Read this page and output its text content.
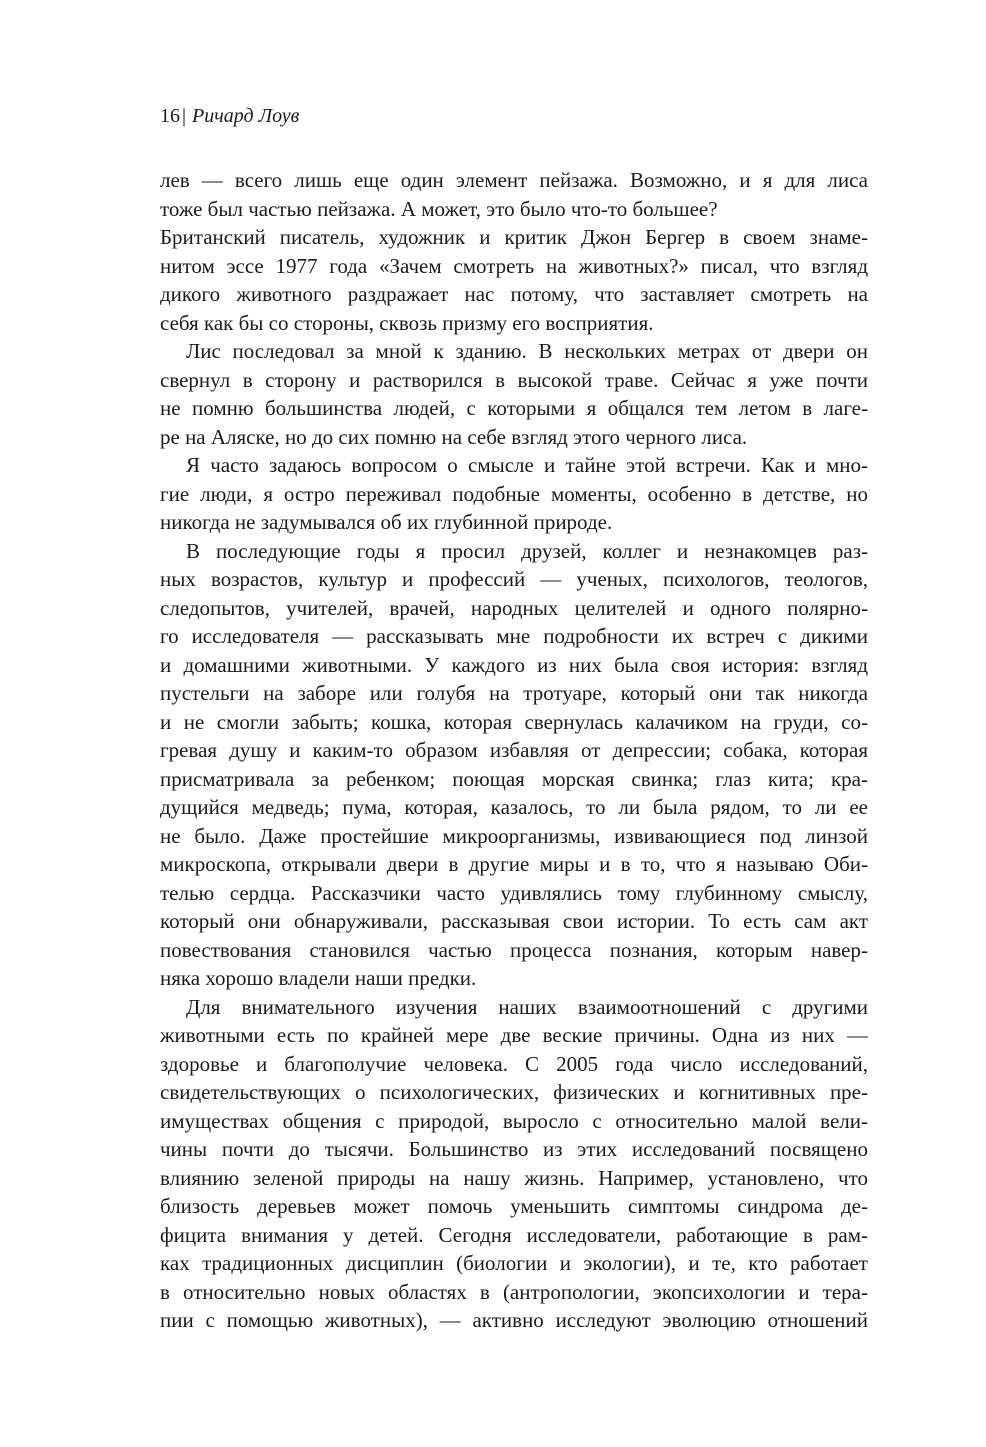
16 | Ричард Лоув
лев — всего лишь еще один элемент пейзажа. Возможно, и я для лиса
тоже был частью пейзажа. А может, это было что-то большее?
Британский писатель, художник и критик Джон Бергер в своем знаме-
нитом эссе 1977 года «Зачем смотреть на животных?» писал, что взгляд
дикого животного раздражает нас потому, что заставляет смотреть на
себя как бы со стороны, сквозь призму его восприятия.
Лис последовал за мной к зданию. В нескольких метрах от двери он
свернул в сторону и растворился в высокой траве. Сейчас я уже почти
не помню большинства людей, с которыми я общался тем летом в лаге-
ре на Аляске, но до сих помню на себе взгляд этого черного лиса.
Я часто задаюсь вопросом о смысле и тайне этой встречи. Как и мно-
гие люди, я остро переживал подобные моменты, особенно в детстве, но
никогда не задумывался об их глубинной природе.
В последующие годы я просил друзей, коллег и незнакомцев раз-
ных возрастов, культур и профессий — ученых, психологов, теологов,
следопытов, учителей, врачей, народных целителей и одного полярно-
го исследователя — рассказывать мне подробности их встреч с дикими
и домашними животными. У каждого из них была своя история: взгляд
пустельги на заборе или голубя на тротуаре, который они так никогда
и не смогли забыть; кошка, которая свернулась калачиком на груди, со-
гревая душу и каким-то образом избавляя от депрессии; собака, которая
присматривала за ребенком; поющая морская свинка; глаз кита; кра-
дущийся медведь; пума, которая, казалось, то ли была рядом, то ли ее
не было. Даже простейшие микроорганизмы, извивающиеся под линзой
микроскопа, открывали двери в другие миры и в то, что я называю Оби-
телью сердца. Рассказчики часто удивлялись тому глубинному смыслу,
который они обнаруживали, рассказывая свои истории. То есть сам акт
повествования становился частью процесса познания, которым навер-
няка хорошо владели наши предки.
Для внимательного изучения наших взаимоотношений с другими
животными есть по крайней мере две веские причины. Одна из них —
здоровье и благополучие человека. С 2005 года число исследований,
свидетельствующих о психологических, физических и когнитивных пре-
имуществах общения с природой, выросло с относительно малой вели-
чины почти до тысячи. Большинство из этих исследований посвящено
влиянию зеленой природы на нашу жизнь. Например, установлено, что
близость деревьев может помочь уменьшить симптомы синдрома де-
фицита внимания у детей. Сегодня исследователи, работающие в рам-
ках традиционных дисциплин (биологии и экологии), и те, кто работает
в относительно новых областях в (антропологии, экопсихологии и тера-
пии с помощью животных), — активно исследуют эволюцию отношений
